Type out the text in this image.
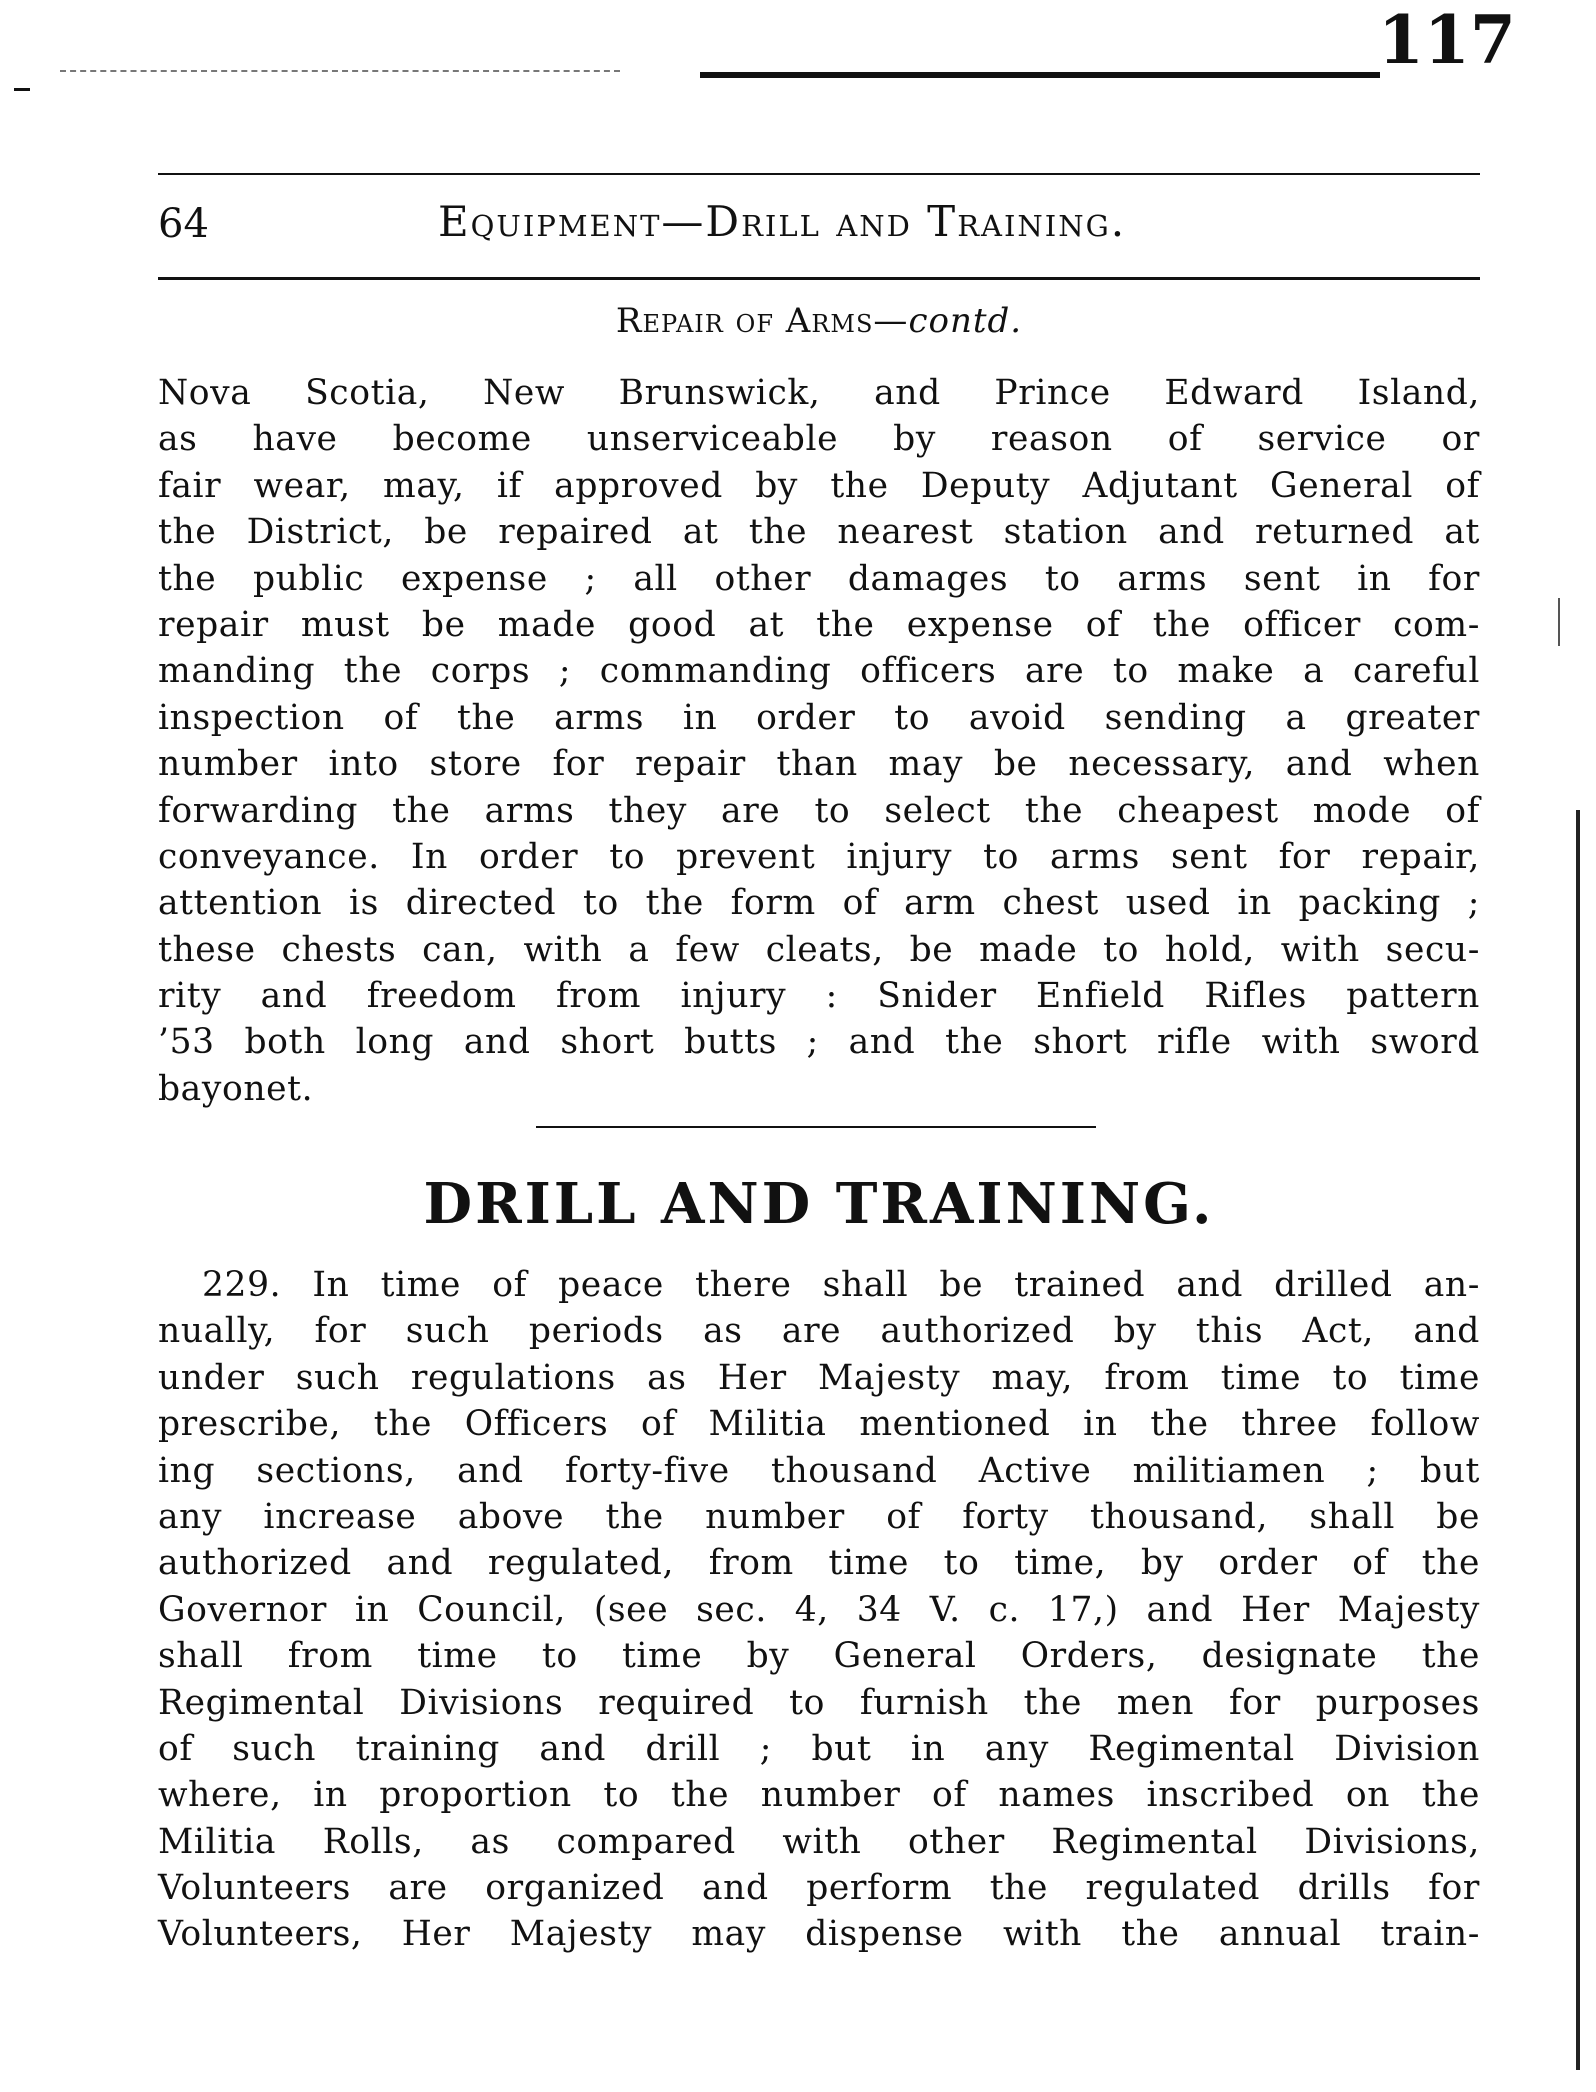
117
64	Equipment—Drill and Training.
Repair of Arms—contd.
Nova Scotia, New Brunswick, and Prince Edward Island,
as have become unserviceable by reason of service or
fair wear, may, if approved by the Deputy Adjutant General of
the District, be repaired at the nearest station and returned at
the public expense ; all other damages to arms sent in for
repair must be made good at the expense of the officer com-
manding the corps ; commanding officers are to make a careful
inspection of the arms in order to avoid sending a greater
number into store for repair than may be necessary, and when
forwarding the arms they are to select the cheapest mode of
conveyance. In order to prevent injury to arms sent for repair,
attention is directed to the form of arm chest used in packing ;
these chests can, with a few cleats, be made to hold, with secu-
rity and freedom from injury : Snider Enfield Rifles pattern
’53 both long and short butts ; and the short rifle with sword
bayonet.
DRILL AND TRAINING.
229. In time of peace there shall be trained and drilled an-
nually, for such periods as are authorized by this Act, and
under such regulations as Her Majesty may, from time to time
prescribe, the Officers of Militia mentioned in the three follow
ing sections, and forty-five thousand Active militiamen ; but
any increase above the number of forty thousand, shall be
authorized and regulated, from time to time, by order of the
Governor in Council, (see sec. 4, 34 V. c. 17,) and Her Majesty
shall from time to time by General Orders, designate the
Regimental Divisions required to furnish the men for purposes
of such training and drill ; but in any Regimental Division
where, in proportion to the number of names inscribed on the
Militia Rolls, as compared with other Regimental Divisions,
Volunteers are organized and perform the regulated drills for
Volunteers, Her Majesty may dispense with the annual train-
